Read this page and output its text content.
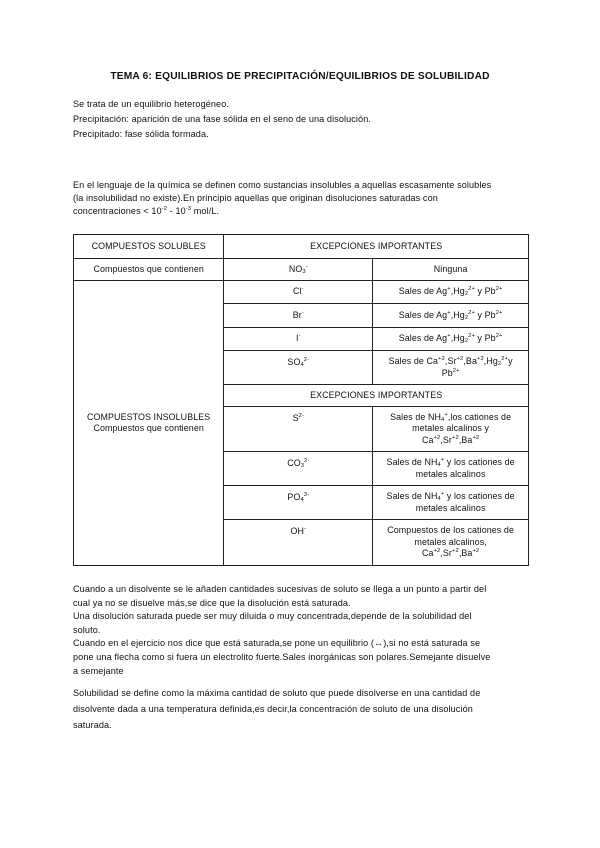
TEMA 6: EQUILIBRIOS DE PRECIPITACIÓN/EQUILIBRIOS DE SOLUBILIDAD

Se trata de un equilibrio heterogéneo.

Precipitación: aparición de una fase sólida en el seno de una disolución.

Precipitado: fase sólida formada.

En el lenguaje de la química se definen como sustancias insolubles a aquellas escasamente solubles

(la insolubilidad no existe).En principio aquellas que originan disoluciones saturadas con

concentraciones < $10^{-2} - 10^{-3}$ mol/L.

COMPUESTOS SOLUBLES	EXCEPCIONES IMPORTANTES	
Compuestos que contienen	$NO_3^-$	Ninguna

COMPUESTOS INSOLUBLES
Compuestos que contienen	Cl-	Sales de $Ag^+,Hg_2^{2+}$ y $Pb^{2+}$
	Br-	Sales de $Ag^+,Hg_2^{2+}$ y $Pb^{2+}$
	I-	Sales de $Ag^+,Hg_2^{2+}$ y $Pb^{2+}$
	$SO_4^{2-}$	Sales de $Ca^{+2},Sr^{+2},Ba^{+2},Hg_2^{2+}y$
$Pb^{2+}$
	EXCEPCIONES IMPORTANTES	
	$S^{2-}$	Sales de $NH_4^+,los$ cationes de
metales alcalinos y
$Ca^{+2},Sr^{+2},Ba^{+2}$
	$CO_3^{2-}$	Sales de $NH_4^+$ y los cationes de
metales alcalinos
	$PO_4^{3-}$	Sales de $NH_4^+$ y los cationes de
metales alcalinos
	OH-	Compuestos de los cationes de
metales alcalinos,
$Ca^{+2},Sr^{+2},Ba^{+2}$

Cuando a un disolvente se le añaden cantidades sucesivas de soluto se llega a un punto a partir del

cual ya no se disuelve más,se dice que la disolución está saturada.

Una disolución saturada puede ser muy diluida o muy concentrada,depende de la solubilidad del

soluto.

Cuando en el ejercicio nos dice que está saturada,se pone un equilibrio (↔),si no está saturada se

pone una flecha como si fuera un electrolito fuerte.Sales inorgánicas son polares.Semejante disuelve

a semejante

Solubilidad se define como la máxima cantidad de soluto que puede disolverse en una cantidad de

disolvente dada a una temperatura definida,es decir,la concentración de soluto de una disolución

saturada.
